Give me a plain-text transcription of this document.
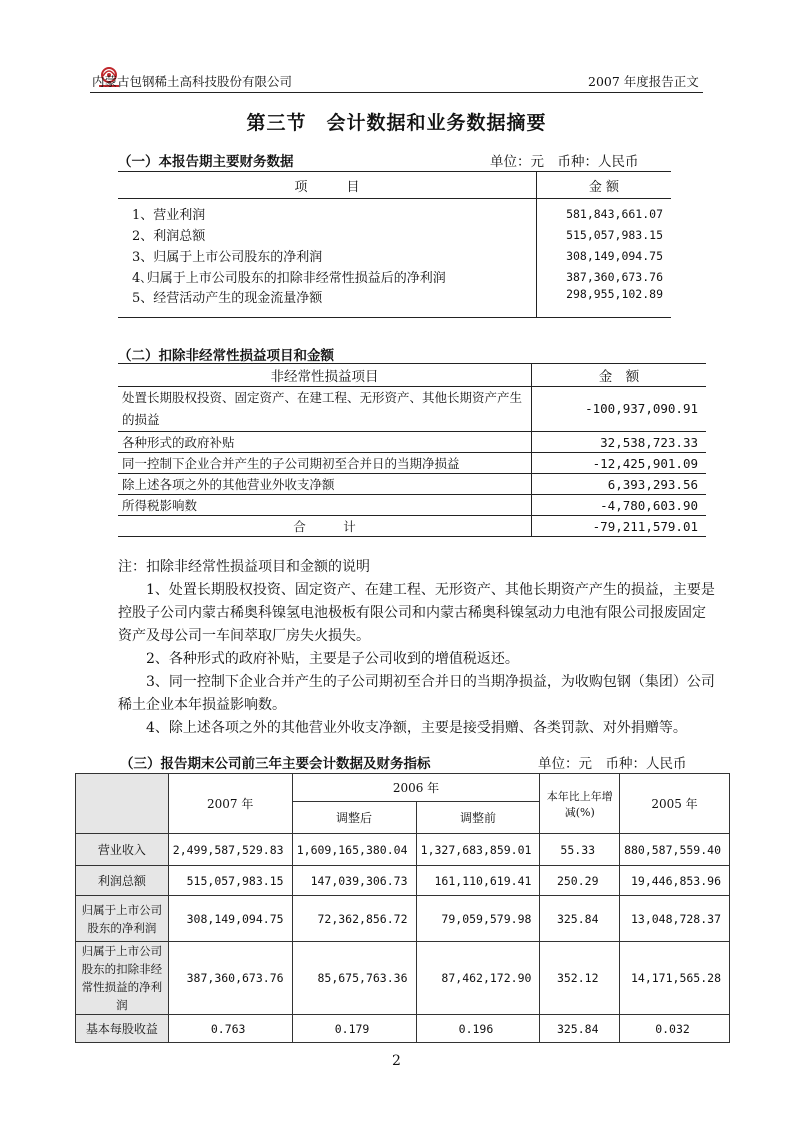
内蒙古包钢稀土高科技股份有限公司	2007 年度报告正文
第三节　会计数据和业务数据摘要
（一）本报告期主要财务数据	单位：元　币种：人民币
项　　　目	金 额
1、营业利润	581,843,661.07
2、利润总额	515,057,983.15
3、归属于上市公司股东的净利润	308,149,094.75
4､归属于上市公司股东的扣除非经常性损益后的净利润	387,360,673.76
5、经营活动产生的现金流量净额	298,955,102.89
（二）扣除非经常性损益项目和金额
非经常性损益项目	金　额
处置长期股权投资、固定资产、在建工程、无形资产、其他长期资产产生的损益	-100,937,090.91
各种形式的政府补贴	32,538,723.33
同一控制下企业合并产生的子公司期初至合并日的当期净损益	-12,425,901.09
除上述各项之外的其他营业外收支净额	6,393,293.56
所得税影响数	-4,780,603.90
合　　　计	-79,211,579.01

注：扣除非经常性损益项目和金额的说明

1、处置长期股权投资、固定资产、在建工程、无形资产、其他长期资产产生的损益，主要是控股子公司内蒙古稀奥科镍氢电池极板有限公司和内蒙古稀奥科镍氢动力电池有限公司报废固定资产及母公司一车间萃取厂房失火损失。

2、各种形式的政府补贴，主要是子公司收到的增值税返还。

3、同一控制下企业合并产生的子公司期初至合并日的当期净损益，为收购包钢（集团）公司稀土企业本年损益影响数。

4、除上述各项之外的其他营业外收支净额，主要是接受捐赠、各类罚款、对外捐赠等。

（三）报告期末公司前三年主要会计数据及财务指标	单位：元　币种：人民币
	2007 年	2006 年		本年比上年增减(%)	2005 年
		调整后	调整前		
营业收入	2,499,587,529.83	1,609,165,380.04	1,327,683,859.01	55.33	880,587,559.40
利润总额	515,057,983.15	147,039,306.73	161,110,619.41	250.29	19,446,853.96
归属于上市公司股东的净利润	308,149,094.75	72,362,856.72	79,059,579.98	325.84	13,048,728.37
归属于上市公司股东的扣除非经常性损益的净利润	387,360,673.76	85,675,763.36	87,462,172.90	352.12	14,171,565.28
基本每股收益	0.763	0.179	0.196	325.84	0.032
2
